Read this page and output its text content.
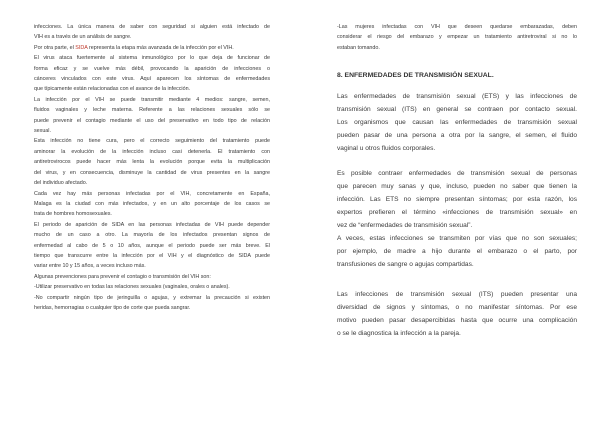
infecciones. La única manera de saber con seguridad si alguien está infectado de

VIH es a través de un análisis de sangre.

Por otra parte, el SIDA representa la etapa más avanzada de la infección por el VIH.

El virus ataca fuertemente al sistema inmunológico por lo que deja de funcionar de

forma eficaz y se vuelve más débil, provocando la aparición de infecciones o

cánceres vinculados con este virus. Aquí aparecen los síntomas de enfermedades

que típicamente están relacionadas con el avance de la infección.

La infección por el VIH se puede transmitir mediante 4 medios: sangre, semen,

fluidos vaginales y leche materna. Referente a las relaciones sexuales sólo se

puede prevenir el contagio mediante el uso del preservativo en todo tipo de relación

sexual.

Esta infección no tiene cura, pero el correcto seguimiento del tratamiento puede

aminorar la evolución de la infección incluso casi detenerla. El tratamiento con

antiretrovirocos puede hacer más lenta la evolución porque evita la multiplicación

del virus, y en consecuencia, disminuye la cantidad de virus presentes en la sangre

del individuo afectado.

Cada vez hay más personas infectadas por el VIH, concretamente en España,

Malaga es la ciudad con más infectados, y en un alto porcentaje de los casos se

trata de hombres homosexuales.

El periodo de aparición de SIDA en las personas infectadas de VIH puede depender

mucho de un caso a otro. La mayoría de los infectados presentan signos de

enfermedad al cabo de 5 o 10 años, aunque el periodo puede ser más breve. El

tiempo que transcurre entre la infección por el VIH y el diagnóstico de SIDA puede

variar entre 10 y 15 años, a veces incluso más.

Algunas prevenciones para prevenir el contagio o transmisión del VIH son:

-Utilizar preservativo en todas las relaciones sexuales (vaginales, orales o anales).

-No compartir ningún tipo de jeringuilla o agujas, y extremar la precaución si existen

heridas, hemorragias o cualquier tipo de corte que pueda sangrar.

-Las mujeres infectadas con VIH que deseen quedarse embarazadas, deben

considerar el riesgo del embarazo y empezar un tratamiento antiretroviral si no lo

estaban tomando.

8. ENFERMEDADES DE TRANSMISIÓN SEXUAL.

Las enfermedades de transmisión sexual (ETS) y las infecciones de

transmisión sexual (ITS) en general se contraen por contacto sexual.

Los organismos que causan las enfermedades de transmisión sexual

pueden pasar de una persona a otra por la sangre, el semen, el fluido

vaginal u otros fluidos corporales.

Es posible contraer enfermedades de transmisión sexual de personas

que parecen muy sanas y que, incluso, pueden no saber que tienen la

infección. Las ETS no siempre presentan síntomas; por esta razón, los

expertos prefieren el término «infecciones de transmisión sexual» en

vez de “enfermedades de transmisión sexual”.

A veces, estas infecciones se transmiten por vías que no son sexuales;

por ejemplo, de madre a hijo durante el embarazo o el parto, por

transfusiones de sangre o agujas compartidas.

Las infecciones de transmisión sexual (ITS) pueden presentar una

diversidad de signos y síntomas, o no manifestar síntomas. Por ese

motivo pueden pasar desapercibidas hasta que ocurre una complicación

o se le diagnostica la infección a la pareja.
